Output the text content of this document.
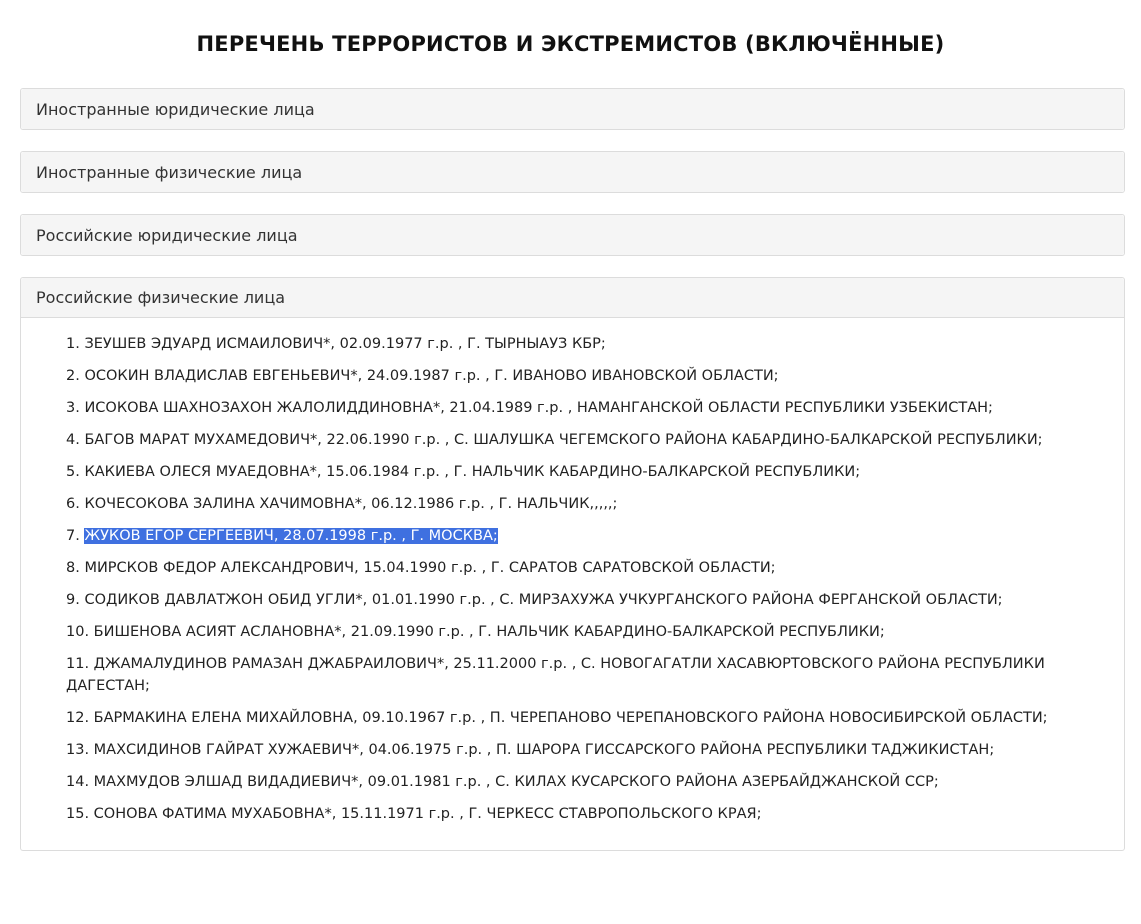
ПЕРЕЧЕНЬ ТЕРРОРИСТОВ И ЭКСТРЕМИСТОВ (ВКЛЮЧЁННЫЕ)
Иностранные юридические лица
Иностранные физические лица
Российские юридические лица
Российские физические лица
1. ЗЕУШЕВ ЭДУАРД ИСМАИЛОВИЧ*, 02.09.1977 г.р. , Г. ТЫРНЫАУЗ КБР;
2. ОСОКИН ВЛАДИСЛАВ ЕВГЕНЬЕВИЧ*, 24.09.1987 г.р. , Г. ИВАНОВО ИВАНОВСКОЙ ОБЛАСТИ;
3. ИСОКОВА ШАХНОЗАХОН ЖАЛОЛИДДИНОВНА*, 21.04.1989 г.р. , НАМАНГАНСКОЙ ОБЛАСТИ РЕСПУБЛИКИ УЗБЕКИСТАН;
4. БАГОВ МАРАТ МУХАМЕДОВИЧ*, 22.06.1990 г.р. , С. ШАЛУШКА ЧЕГЕМСКОГО РАЙОНА КАБАРДИНО-БАЛКАРСКОЙ РЕСПУБЛИКИ;
5. КАКИЕВА ОЛЕСЯ МУАЕДОВНА*, 15.06.1984 г.р. , Г. НАЛЬЧИК КАБАРДИНО-БАЛКАРСКОЙ РЕСПУБЛИКИ;
6. КОЧЕСОКОВА ЗАЛИНА ХАЧИМОВНА*, 06.12.1986 г.р. , Г. НАЛЬЧИК,,,,,;
7. ЖУКОВ ЕГОР СЕРГЕЕВИЧ, 28.07.1998 г.р. , Г. МОСКВА;
8. МИРСКОВ ФЕДОР АЛЕКСАНДРОВИЧ, 15.04.1990 г.р. , Г. САРАТОВ САРАТОВСКОЙ ОБЛАСТИ;
9. СОДИКОВ ДАВЛАТЖОН ОБИД УГЛИ*, 01.01.1990 г.р. , С. МИРЗАХУЖА УЧКУРГАНСКОГО РАЙОНА ФЕРГАНСКОЙ ОБЛАСТИ;
10. БИШЕНОВА АСИЯТ АСЛАНОВНА*, 21.09.1990 г.р. , Г. НАЛЬЧИК КАБАРДИНО-БАЛКАРСКОЙ РЕСПУБЛИКИ;
11. ДЖАМАЛУДИНОВ РАМАЗАН ДЖАБРАИЛОВИЧ*, 25.11.2000 г.р. , С. НОВОГАГАТЛИ ХАСАВЮРТОВСКОГО РАЙОНА РЕСПУБЛИКИ ДАГЕСТАН;
12. БАРМАКИНА ЕЛЕНА МИХАЙЛОВНА, 09.10.1967 г.р. , П. ЧЕРЕПАНОВО ЧЕРЕПАНОВСКОГО РАЙОНА НОВОСИБИРСКОЙ ОБЛАСТИ;
13. МАХСИДИНОВ ГАЙРАТ ХУЖАЕВИЧ*, 04.06.1975 г.р. , П. ШАРОРА ГИССАРСКОГО РАЙОНА РЕСПУБЛИКИ ТАДЖИКИСТАН;
14. МАХМУДОВ ЭЛШАД ВИДАДИЕВИЧ*, 09.01.1981 г.р. , С. КИЛАХ КУСАРСКОГО РАЙОНА АЗЕРБАЙДЖАНСКОЙ ССР;
15. СОНОВА ФАТИМА МУХАБОВНА*, 15.11.1971 г.р. , Г. ЧЕРКЕСС СТАВРОПОЛЬСКОГО КРАЯ;
